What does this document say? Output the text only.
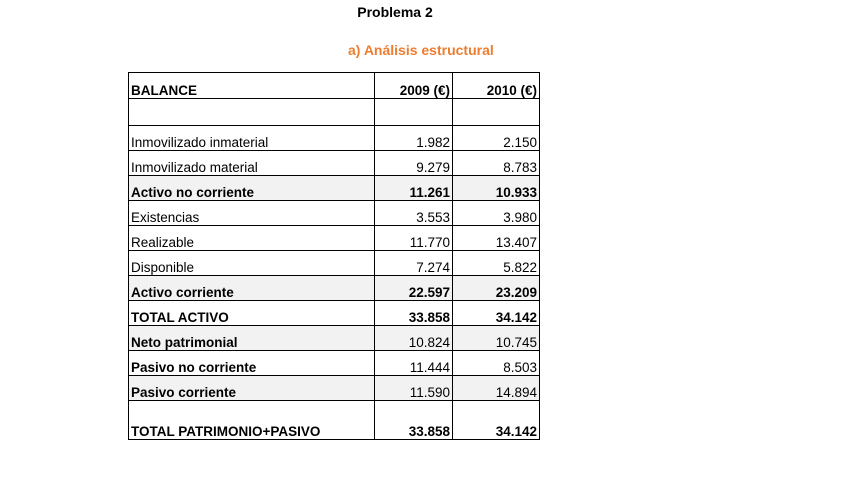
Problema 2
a) Análisis estructural
BALANCE	2009 (€)	2010 (€)

Inmovilizado inmaterial	1.982	2.150
Inmovilizado material	9.279	8.783
Activo no corriente	11.261	10.933
Existencias	3.553	3.980
Realizable	11.770	13.407
Disponible	7.274	5.822
Activo corriente	22.597	23.209
TOTAL ACTIVO	33.858	34.142
Neto patrimonial	10.824	10.745
Pasivo no corriente	11.444	8.503
Pasivo corriente	11.590	14.894
TOTAL PATRIMONIO+PASIVO	33.858	34.142
